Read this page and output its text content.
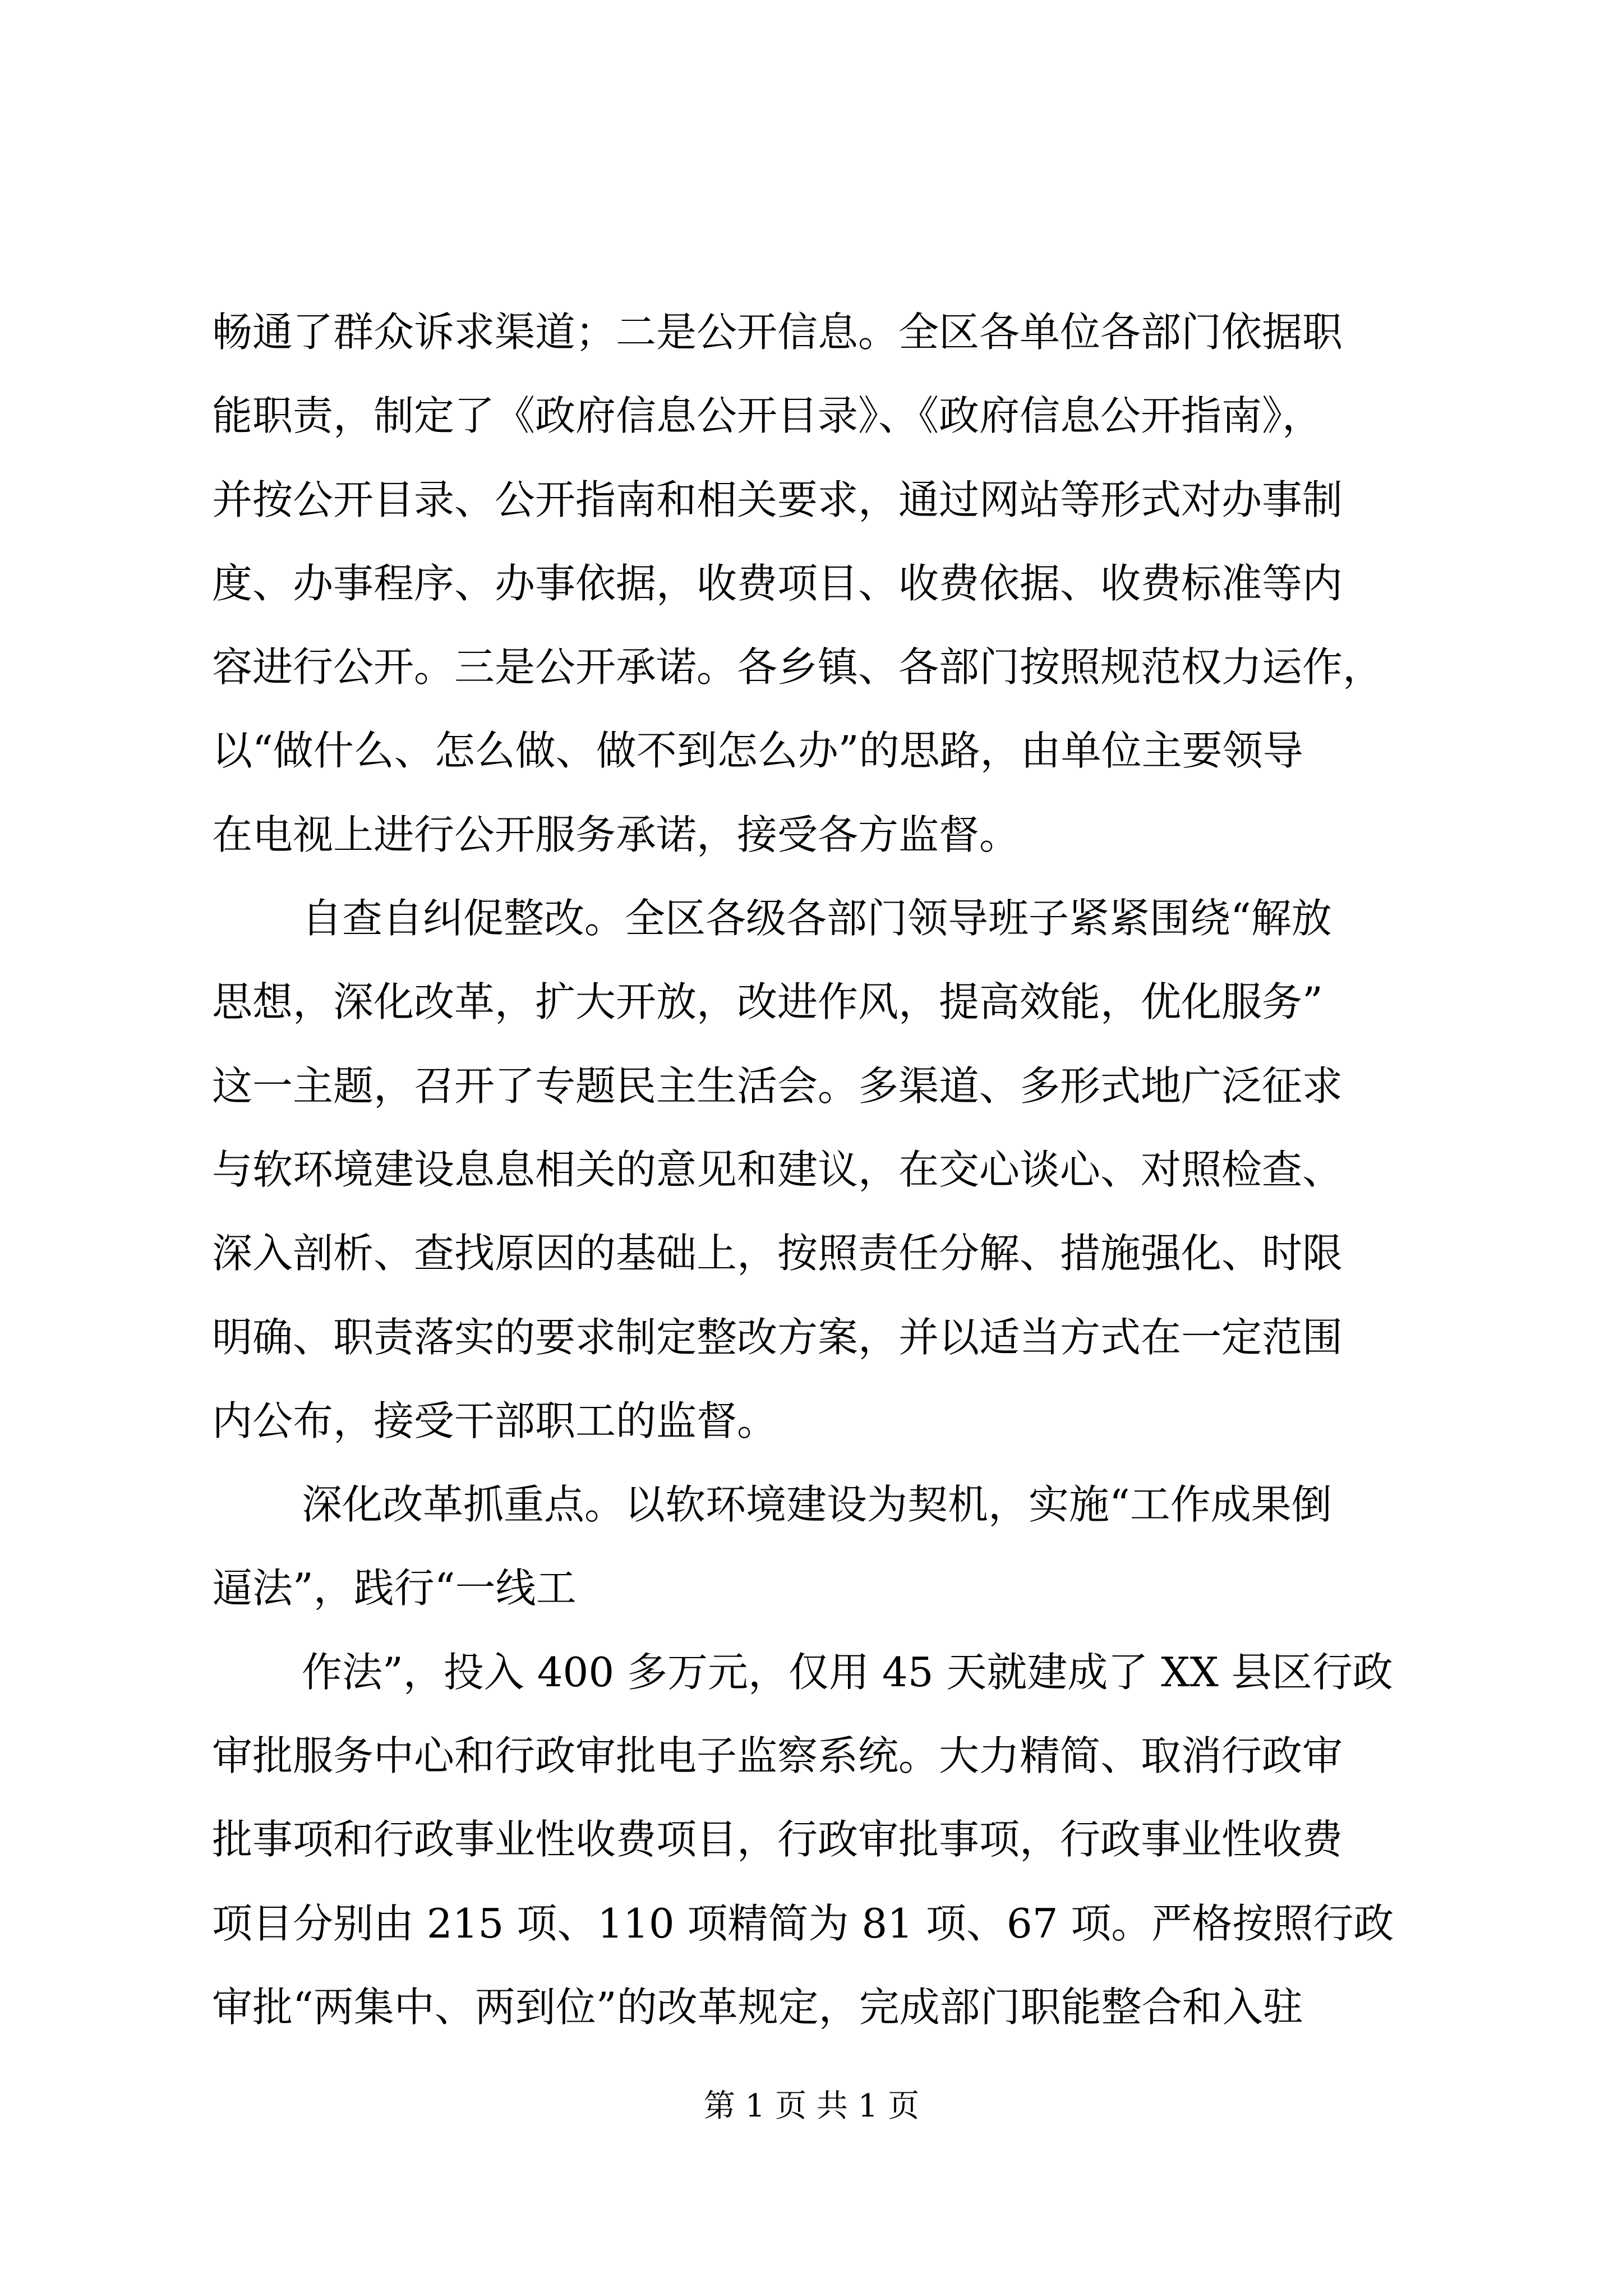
畅通了群众诉求渠道；二是公开信息。全区各单位各部门依据职
能职责，制定了《政府信息公开目录》、《政府信息公开指南》，
并按公开目录、公开指南和相关要求，通过网站等形式对办事制
度、办事程序、办事依据，收费项目、收费依据、收费标准等内
容进行公开。三是公开承诺。各乡镇、各部门按照规范权力运作，
以“做什么、怎么做、做不到怎么办”的思路，由单位主要领导
在电视上进行公开服务承诺，接受各方监督。
自查自纠促整改。全区各级各部门领导班子紧紧围绕“解放
思想，深化改革，扩大开放，改进作风，提高效能，优化服务”
这一主题，召开了专题民主生活会。多渠道、多形式地广泛征求
与软环境建设息息相关的意见和建议，在交心谈心、对照检查、
深入剖析、查找原因的基础上，按照责任分解、措施强化、时限
明确、职责落实的要求制定整改方案，并以适当方式在一定范围
内公布，接受干部职工的监督。
深化改革抓重点。以软环境建设为契机，实施“工作成果倒
逼法”，践行“一线工
作法”，投入 400 多万元，仅用 45 天就建成了 XX 县区行政
审批服务中心和行政审批电子监察系统。大力精简、取消行政审
批事项和行政事业性收费项目，行政审批事项，行政事业性收费
项目分别由 215 项、110 项精简为 81 项、67 项。严格按照行政
审批“两集中、两到位”的改革规定，完成部门职能整合和入驻
第 1 页 共 1 页
